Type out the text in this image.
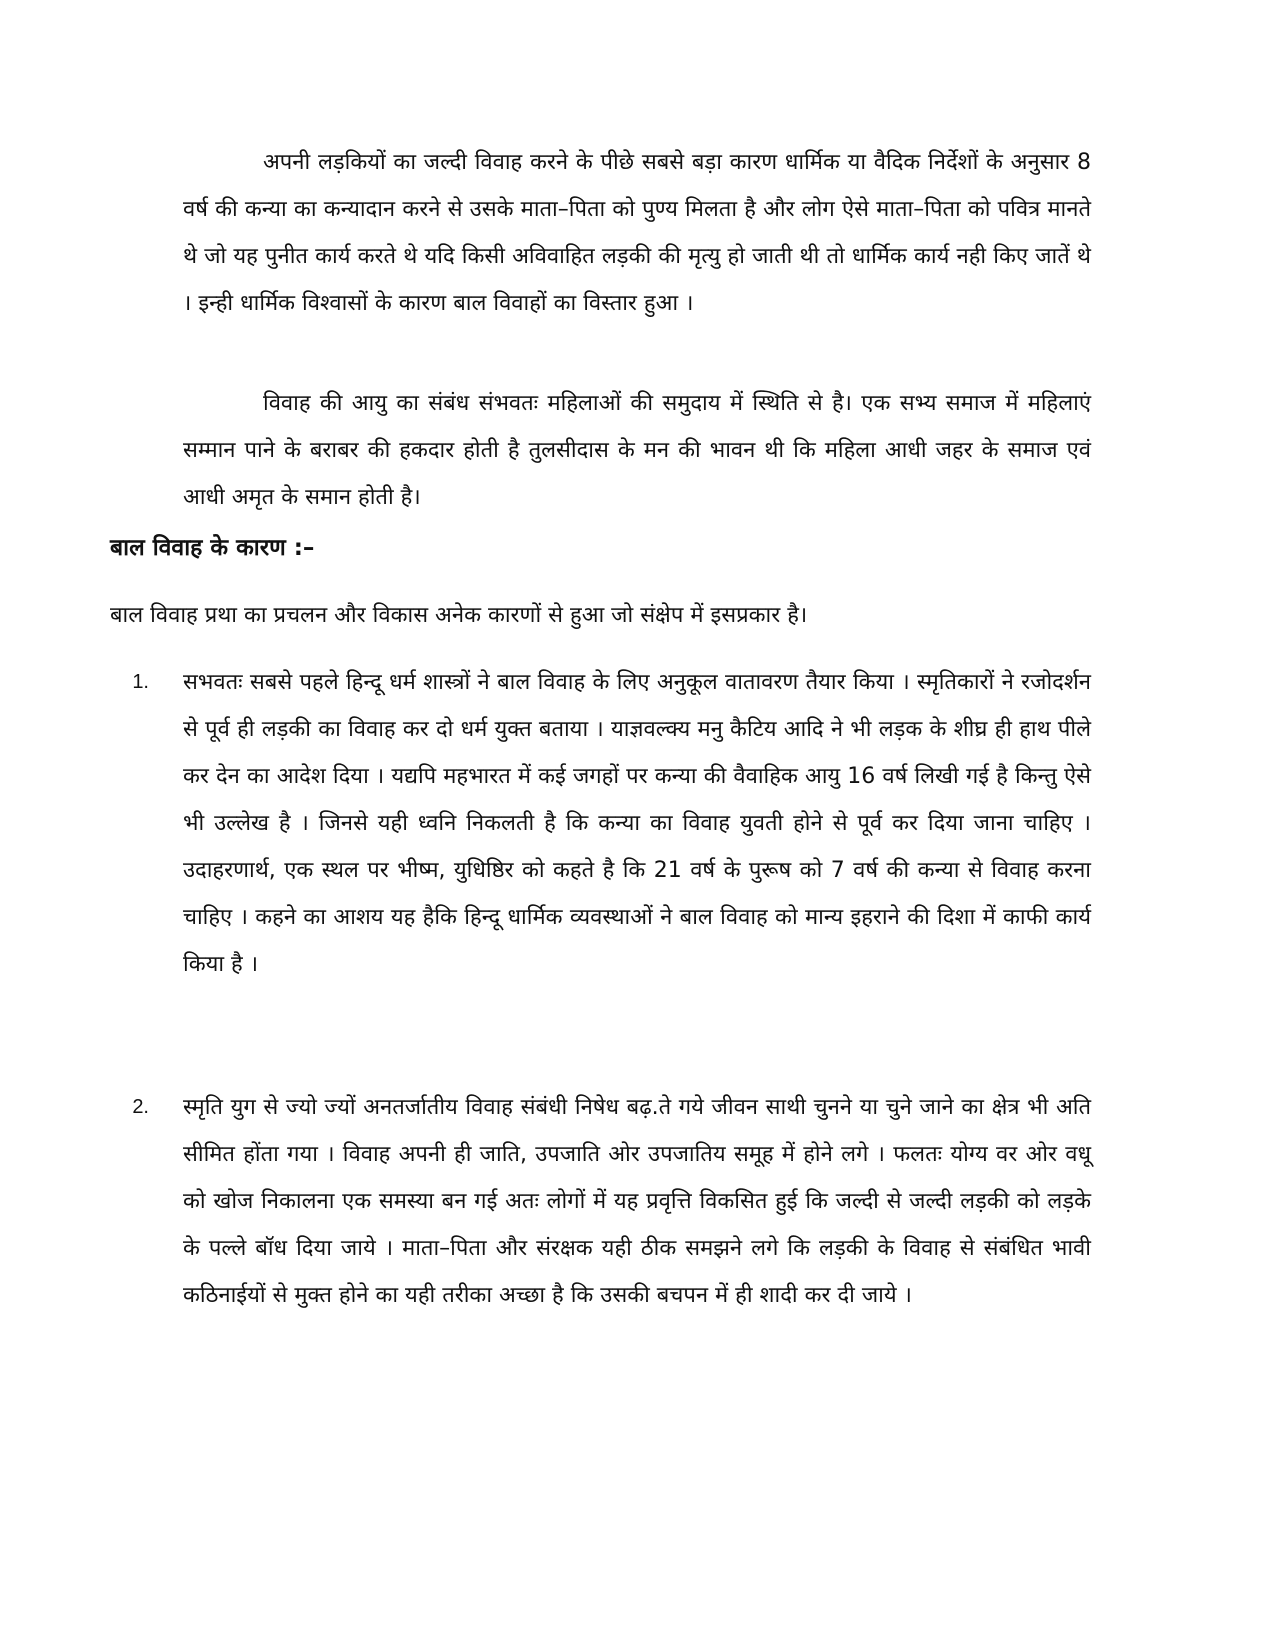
अपनी लड़कियों का जल्दी विवाह करने के पीछे सबसे बड़ा कारण धार्मिक या वैदिक निर्देशों के अनुसार 8 वर्ष की कन्या का कन्यादान करने से उसके माता–पिता को पुण्य मिलता है और लोग ऐसे माता–पिता को पवित्र मानते थे जो यह पुनीत कार्य करते थे यदि किसी अविवाहित लड़की की मृत्यु हो जाती थी तो धार्मिक कार्य नही किए जातें थे । इन्ही धार्मिक विश्वासों के कारण बाल विवाहों का विस्तार हुआ ।

विवाह की आयु का संबंध संभवतः महिलाओं की समुदाय में स्थिति से है। एक सभ्य समाज में महिलाएं सम्मान पाने के बराबर की हकदार होती है तुलसीदास के मन की भावन थी कि महिला आधी जहर के समाज एवं आधी अमृत के समान होती है।

बाल विवाह के कारण :–
बाल विवाह प्रथा का प्रचलन और विकास अनेक कारणों से हुआ जो संक्षेप में इसप्रकार है।
1.	सभवतः सबसे पहले हिन्दू धर्म शास्त्रों ने बाल विवाह के लिए अनुकूल वातावरण तैयार किया । स्मृतिकारों ने रजोदर्शन से पूर्व ही लड़की का विवाह कर दो धर्म युक्त बताया । याज्ञवल्क्य मनु कैटिय आदि ने भी लड़क के शीघ्र ही हाथ पीले कर देन का आदेश दिया । यद्यपि महभारत में कई जगहों पर कन्या की वैवाहिक आयु 16 वर्ष लिखी गई है किन्तु ऐसे भी उल्लेख है । जिनसे यही ध्वनि निकलती है कि कन्या का विवाह युवती होने से पूर्व कर दिया जाना चाहिए । उदाहरणार्थ, एक स्थल पर भीष्म, युधिष्ठिर को कहते है कि 21 वर्ष के पुरूष को 7 वर्ष की कन्या से विवाह करना चाहिए । कहने का आशय यह हैकि हिन्दू धार्मिक व्यवस्थाओं ने बाल विवाह को मान्य इहराने की दिशा में काफी कार्य किया है ।

2.	स्मृति युग से ज्यो ज्यों अनतर्जातीय विवाह संबंधी निषेध बढ़.ते गये जीवन साथी चुनने या चुने जाने का क्षेत्र भी अति सीमित होंता गया । विवाह अपनी ही जाति, उपजाति ओर उपजातिय समूह में होने लगे । फलतः योग्य वर ओर वधू को खोज निकालना एक समस्या बन गई अतः लोगों में यह प्रवृत्ति विकसित हुई कि जल्दी से जल्दी लड़की को लड़के के पल्ले बॉध दिया जाये । माता–पिता और संरक्षक यही ठीक समझने लगे कि लड़की के विवाह से संबंधित भावी कठिनाईयों से मुक्त होने का यही तरीका अच्छा है कि उसकी बचपन में ही शादी कर दी जाये ।
